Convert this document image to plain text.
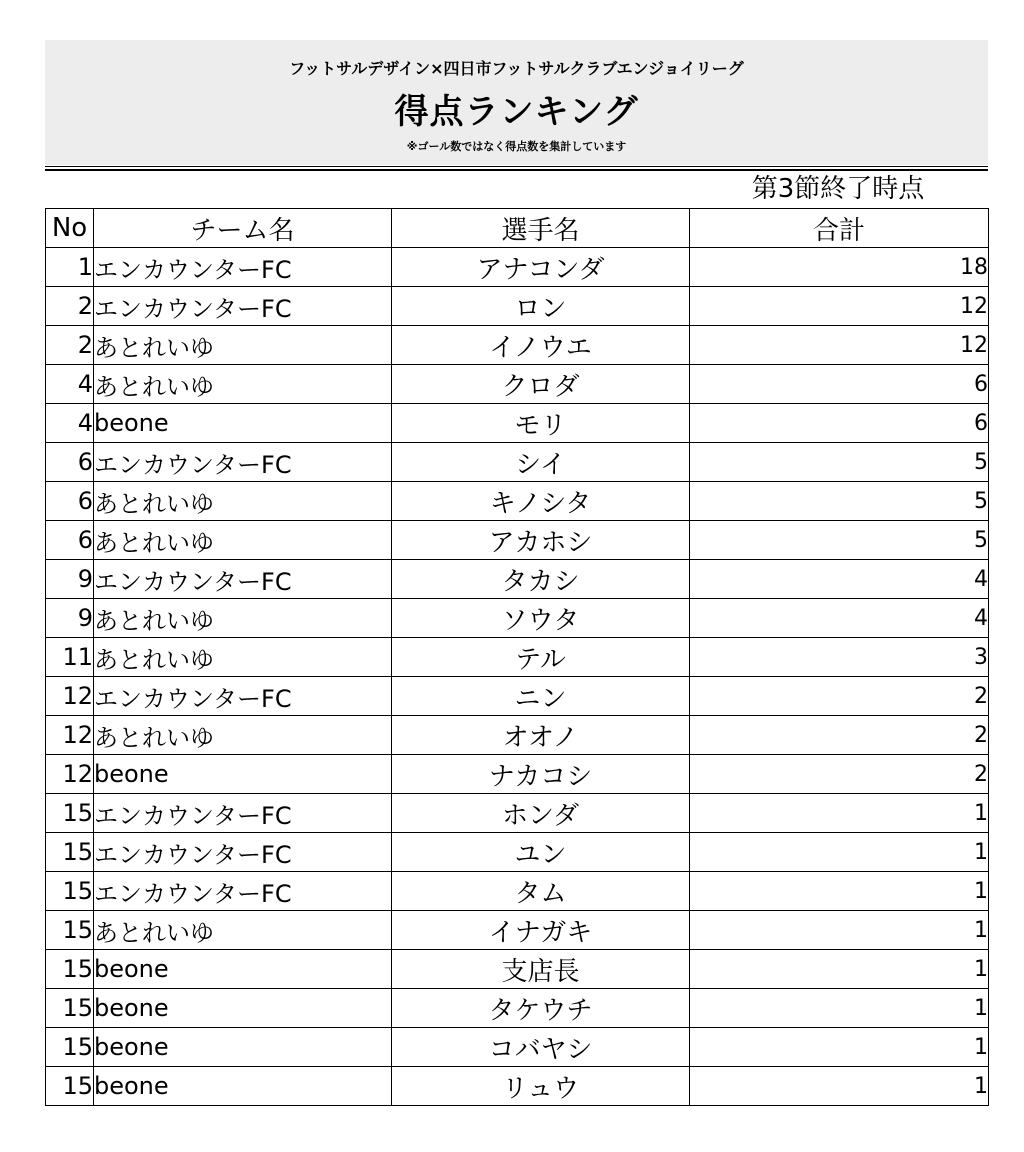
フットサルデザイン×四日市フットサルクラブエンジョイリーグ
得点ランキング
※ゴール数ではなく得点数を集計しています
第3節終了時点
No	チーム名	選手名	合計
1	エンカウンターFC	アナコンダ	18
2	エンカウンターFC	ロン	12
2	あとれいゆ	イノウエ	12
4	あとれいゆ	クロダ	6
4	beone	モリ	6
6	エンカウンターFC	シイ	5
6	あとれいゆ	キノシタ	5
6	あとれいゆ	アカホシ	5
9	エンカウンターFC	タカシ	4
9	あとれいゆ	ソウタ	4
11	あとれいゆ	テル	3
12	エンカウンターFC	ニン	2
12	あとれいゆ	オオノ	2
12	beone	ナカコシ	2
15	エンカウンターFC	ホンダ	1
15	エンカウンターFC	ユン	1
15	エンカウンターFC	タム	1
15	あとれいゆ	イナガキ	1
15	beone	支店長	1
15	beone	タケウチ	1
15	beone	コバヤシ	1
15	beone	リュウ	1
